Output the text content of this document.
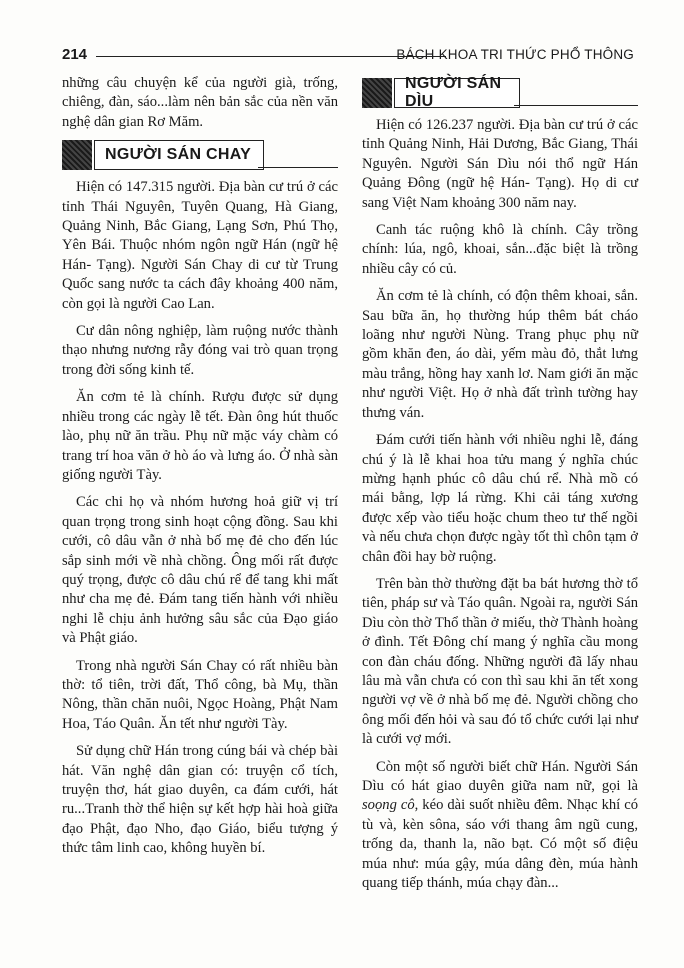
214	BÁCH KHOA TRI THỨC PHỔ THÔNG

những câu chuyện kể của người già, trống, chiêng, đàn, sáo...làm nên bản sắc của nền văn nghệ dân gian Rơ Măm.

NGƯỜI SÁN CHAY

Hiện có 147.315 người. Địa bàn cư trú ở các tỉnh Thái Nguyên, Tuyên Quang, Hà Giang, Quảng Ninh, Bắc Giang, Lạng Sơn, Phú Thọ, Yên Bái. Thuộc nhóm ngôn ngữ Hán (ngữ hệ Hán- Tạng). Người Sán Chay di cư từ Trung Quốc sang nước ta cách đây khoảng 400 năm, còn gọi là người Cao Lan.

Cư dân nông nghiệp, làm ruộng nước thành thạo nhưng nương rẫy đóng vai trò quan trọng trong đời sống kinh tế.

Ăn cơm tẻ là chính. Rượu được sử dụng nhiều trong các ngày lễ tết. Đàn ông hút thuốc lào, phụ nữ ăn trầu. Phụ nữ mặc váy chàm có trang trí hoa văn ở hò áo và lưng áo. Ở nhà sàn giống người Tày.

Các chi họ và nhóm hương hoả giữ vị trí quan trọng trong sinh hoạt cộng đồng. Sau khi cưới, cô dâu vẫn ở nhà bố mẹ đẻ cho đến lúc sắp sinh mới về nhà chồng. Ông mối rất được quý trọng, được cô dâu chú rể để tang khi mất như cha mẹ đẻ. Đám tang tiến hành với nhiều nghi lễ chịu ảnh hưởng sâu sắc của Đạo giáo và Phật giáo.

Trong nhà người Sán Chay có rất nhiều bàn thờ: tổ tiên, trời đất, Thổ công, bà Mụ, thần Nông, thần chăn nuôi, Ngọc Hoàng, Phật Nam Hoa, Táo Quân. Ăn tết như người Tày.

Sử dụng chữ Hán trong cúng bái và chép bài hát. Văn nghệ dân gian có: truyện cổ tích, truyện thơ, hát giao duyên, ca đám cưới, hát ru...Tranh thờ thể hiện sự kết hợp hài hoà giữa đạo Phật, đạo Nho, đạo Giáo, biểu tượng ý thức tâm linh cao, không huyền bí.

NGƯỜI SÁN DÌU

Hiện có 126.237 người. Địa bàn cư trú ở các tỉnh Quảng Ninh, Hải Dương, Bắc Giang, Thái Nguyên. Người Sán Dìu nói thổ ngữ Hán Quảng Đông (ngữ hệ Hán- Tạng). Họ di cư sang Việt Nam khoảng 300 năm nay.

Canh tác ruộng khô là chính. Cây trồng chính: lúa, ngô, khoai, sắn...đặc biệt là trồng nhiều cây có củ.

Ăn cơm tẻ là chính, có độn thêm khoai, sắn. Sau bữa ăn, họ thường húp thêm bát cháo loãng như người Nùng. Trang phục phụ nữ gồm khăn đen, áo dài, yếm màu đỏ, thắt lưng màu trắng, hồng hay xanh lơ. Nam giới ăn mặc như người Việt. Họ ở nhà đất trình tường hay thưng ván.

Đám cưới tiến hành với nhiều nghi lễ, đáng chú ý là lễ khai hoa tửu mang ý nghĩa chúc mừng hạnh phúc cô dâu chú rể. Nhà mồ có mái bằng, lợp lá rừng. Khi cải táng xương được xếp vào tiểu hoặc chum theo tư thế ngồi và nếu chưa chọn được ngày tốt thì chôn tạm ở chân đồi hay bờ ruộng.

Trên bàn thờ thường đặt ba bát hương thờ tổ tiên, pháp sư và Táo quân. Ngoài ra, người Sán Dìu còn thờ Thổ thần ở miếu, thờ Thành hoàng ở đình. Tết Đông chí mang ý nghĩa cầu mong con đàn cháu đống. Những người đã lấy nhau lâu mà vẫn chưa có con thì sau khi ăn tết xong người vợ về ở nhà bố mẹ đẻ. Người chồng cho ông mối đến hỏi và sau đó tổ chức cưới lại như là cưới vợ mới.

Còn một số người biết chữ Hán. Người Sán Dìu có hát giao duyên giữa nam nữ, gọi là soọng cô, kéo dài suốt nhiều đêm. Nhạc khí có tù và, kèn sôna, sáo với thang âm ngũ cung, trống da, thanh la, não bạt. Có một số điệu múa như: múa gậy, múa dâng đèn, múa hành quang tiếp thánh, múa chạy đàn...
